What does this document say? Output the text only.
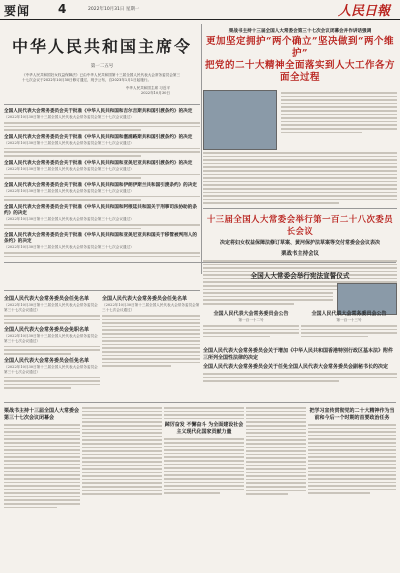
要闻 4	2022年10月31日 星期一	人民日報
中华人民共和国主席令
第一二五号
《中华人民共和国妇女权益保障法》已由中华人民共和国第十三届全国人民代表大会常务委员会第三十七次会议于2022年10月30日修订通过，现予公布，自2023年1月1日起施行。
中华人民共和国主席 习近平
2022年10月30日
全国人民代表大会常务委员会关于批准《中华人民共和国和吉尔吉斯共和国引渡条约》的决定
（2022年10月30日第十三届全国人民代表大会常务委员会第三十七次会议通过）
全国人民代表大会常务委员会关于批准《中华人民共和国和塞浦路斯共和国引渡条约》的决定
（2022年10月30日第十三届全国人民代表大会常务委员会第三十七次会议通过）
全国人民代表大会常务委员会关于批准《中华人民共和国和亚美尼亚共和国引渡条约》的决定
（2022年10月30日第十三届全国人民代表大会常务委员会第三十七次会议通过）
全国人民代表大会常务委员会关于批准《中华人民共和国和伊朗伊斯兰共和国引渡条约》的决定
（2022年10月30日第十三届全国人民代表大会常务委员会第三十七次会议通过）
全国人民代表大会常务委员会关于批准《中华人民共和国和阿根廷共和国关于刑事司法协助的条约》的决定
（2022年10月30日第十三届全国人民代表大会常务委员会第三十七次会议通过）
全国人民代表大会常务委员会关于批准《中华人民共和国和亚美尼亚共和国关于移管被判刑人的条约》的决定
（2022年10月30日第十三届全国人民代表大会常务委员会第三十七次会议通过）
栗战书主持十三届全国人大常委会第三十七次会议闭幕会并作讲话强调
更加坚定拥护“两个确立”坚决做到“两个维护”
把党的二十大精神全面落实到人大工作各方面全过程
十三届全国人大常委会举行第一百二十八次委员长会议
决定将妇女权益保障法修订草案、黄河保护法草案等交付常委会会议表决
栗战书主持会议
全国人大常委会举行宪法宣誓仪式
全国人民代表大会常务委员会任免名单
（2022年10月30日第十三届全国人民代表大会常务委员会第三十七次会议通过）
全国人民代表大会常务委员会免职名单
（2022年10月30日第十三届全国人民代表大会常务委员会第三十七次会议通过）
全国人民代表大会常务委员会任免名单
（2022年10月30日第十三届全国人民代表大会常务委员会第三十七次会议通过）
全国人民代表大会常务委员会任免名单
（2022年10月30日第十三届全国人民代表大会常务委员会第三十七次会议通过）
全国人民代表大会常务委员会公告
第一百一十二号
全国人民代表大会常务委员会公告
第一百一十三号
全国人民代表大会常务委员会关于增加《中华人民共和国香港特别行政区基本法》附件三所列全国性法律的决定
全国人民代表大会常务委员会关于任免全国人民代表大会常务委员会副秘书长的决定
栗战书主持十三届全国人大常委会第三十七次会议闭幕会
踔厉奋发 不懈奋斗 为全面建设社会主义现代化国家贡献力量
把学习宣传贯彻党的二十大精神作为当前和今后一个时期的首要政治任务
